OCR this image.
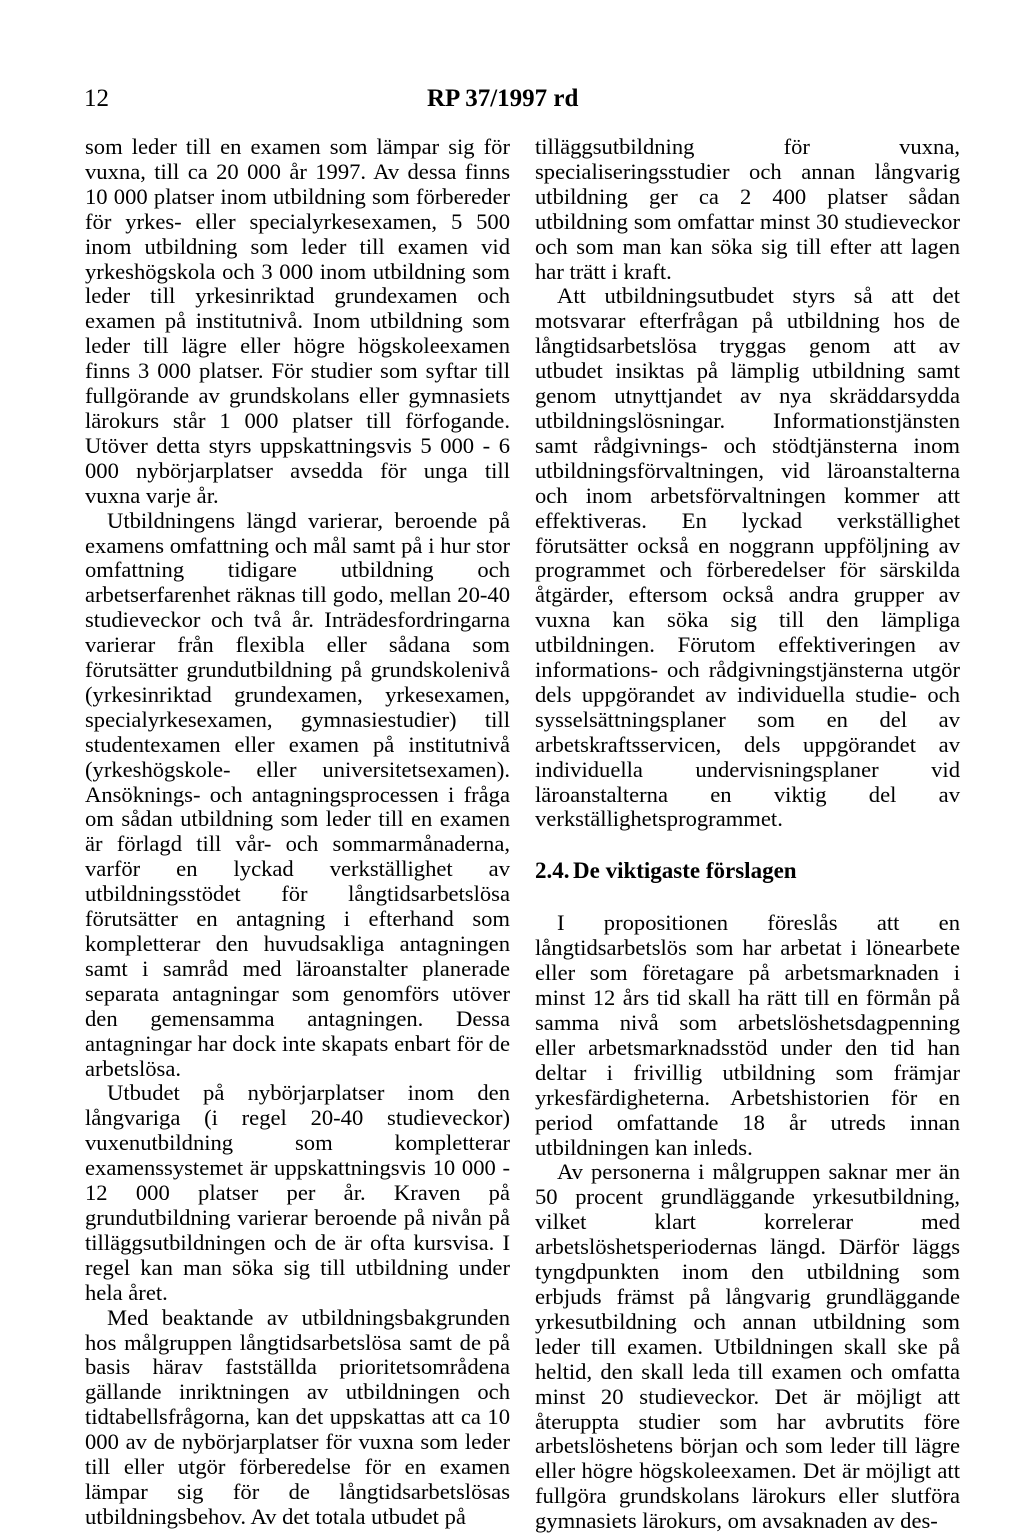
12	RP 37/1997 rd

som leder till en examen som lämpar sig för vuxna, till ca 20 000 år 1997. Av dessa finns 10 000 platser inom utbildning som förbereder för yrkes- eller specialyrkesexamen, 5 500 inom utbildning som leder till examen vid yrkeshögskola och 3 000 inom utbildning som leder till yrkesinriktad grundexamen och examen på institutnivå. Inom utbildning som leder till lägre eller högre högskoleexamen finns 3 000 platser. För studier som syftar till fullgörande av grundskolans eller gymnasiets lärokurs står 1 000 platser till förfogande. Utöver detta styrs uppskattningsvis 5 000 - 6 000 nybörjarplatser avsedda för unga till vuxna varje år.

Utbildningens längd varierar, beroende på examens omfattning och mål samt på i hur stor omfattning tidigare utbildning och arbetserfarenhet räknas till godo, mellan 20-40 studieveckor och två år. Inträdesfordringarna varierar från flexibla eller sådana som förutsätter grundutbildning på grundskolenivå (yrkesinriktad grundexamen, yrkesexamen, specialyrkesexamen, gymnasiestudier) till studentexamen eller examen på institutnivå (yrkeshögskole- eller universitetsexamen). Ansöknings- och antagningsprocessen i fråga om sådan utbildning som leder till en examen är förlagd till vår- och sommarmånaderna, varför en lyckad verkställighet av utbildningsstödet för långtidsarbetslösa förutsätter en antagning i efterhand som kompletterar den huvudsakliga antagningen samt i samråd med läroanstalter planerade separata antagningar som genomförs utöver den gemensamma antagningen. Dessa antagningar har dock inte skapats enbart för de arbetslösa.

Utbudet på nybörjarplatser inom den långvariga (i regel 20-40 studieveckor) vuxenutbildning som kompletterar examenssystemet är uppskattningsvis 10 000 - 12 000 platser per år. Kraven på grundutbildning varierar beroende på nivån på tilläggsutbildningen och de är ofta kursvisa. I regel kan man söka sig till utbildning under hela året.

Med beaktande av utbildningsbakgrunden hos målgruppen långtidsarbetslösa samt de på basis härav fastställda prioritetsområdena gällande inriktningen av utbildningen och tidtabellsfrågorna, kan det uppskattas att ca 10 000 av de nybörjarplatser för vuxna som leder till eller utgör förberedelse för en examen lämpar sig för de långtidsarbetslösas utbildningsbehov. Av det totala utbudet på

tilläggsutbildning för vuxna, specialiseringsstudier och annan långvarig utbildning ger ca 2 400 platser sådan utbildning som omfattar minst 30 studieveckor och som man kan söka sig till efter att lagen har trätt i kraft.

Att utbildningsutbudet styrs så att det motsvarar efterfrågan på utbildning hos de långtidsarbetslösa tryggas genom att av utbudet insiktas på lämplig utbildning samt genom utnyttjandet av nya skräddarsydda utbildningslösningar. Informationstjänsten samt rådgivnings- och stödtjänsterna inom utbildningsförvaltningen, vid läroanstalterna och inom arbetsförvaltningen kommer att effektiveras. En lyckad verkställighet förutsätter också en noggrann uppföljning av programmet och förberedelser för särskilda åtgärder, eftersom också andra grupper av vuxna kan söka sig till den lämpliga utbildningen. Förutom effektiveringen av informations- och rådgivningstjänsterna utgör dels uppgörandet av individuella studie- och sysselsättningsplaner som en del av arbetskraftsservicen, dels uppgörandet av individuella undervisningsplaner vid läroanstalterna en viktig del av verkställighetsprogrammet.

2.4. De viktigaste förslagen

I propositionen föreslås att en långtidsarbetslös som har arbetat i lönearbete eller som företagare på arbetsmarknaden i minst 12 års tid skall ha rätt till en förmån på samma nivå som arbetslöshetsdagpenning eller arbetsmarknadsstöd under den tid han deltar i frivillig utbildning som främjar yrkesfärdigheterna. Arbetshistorien för en period omfattande 18 år utreds innan utbildningen kan inleds.

Av personerna i målgruppen saknar mer än 50 procent grundläggande yrkesutbildning, vilket klart korrelerar med arbetslöshetsperiodernas längd. Därför läggs tyngdpunkten inom den utbildning som erbjuds främst på långvarig grundläggande yrkesutbildning och annan utbildning som leder till examen. Utbildningen skall ske på heltid, den skall leda till examen och omfatta minst 20 studieveckor. Det är möjligt att återuppta studier som har avbrutits före arbetslöshetens början och som leder till lägre eller högre högskoleexamen. Det är möjligt att fullgöra grundskolans lärokurs eller slutföra gymnasiets lärokurs, om avsaknaden av des-
